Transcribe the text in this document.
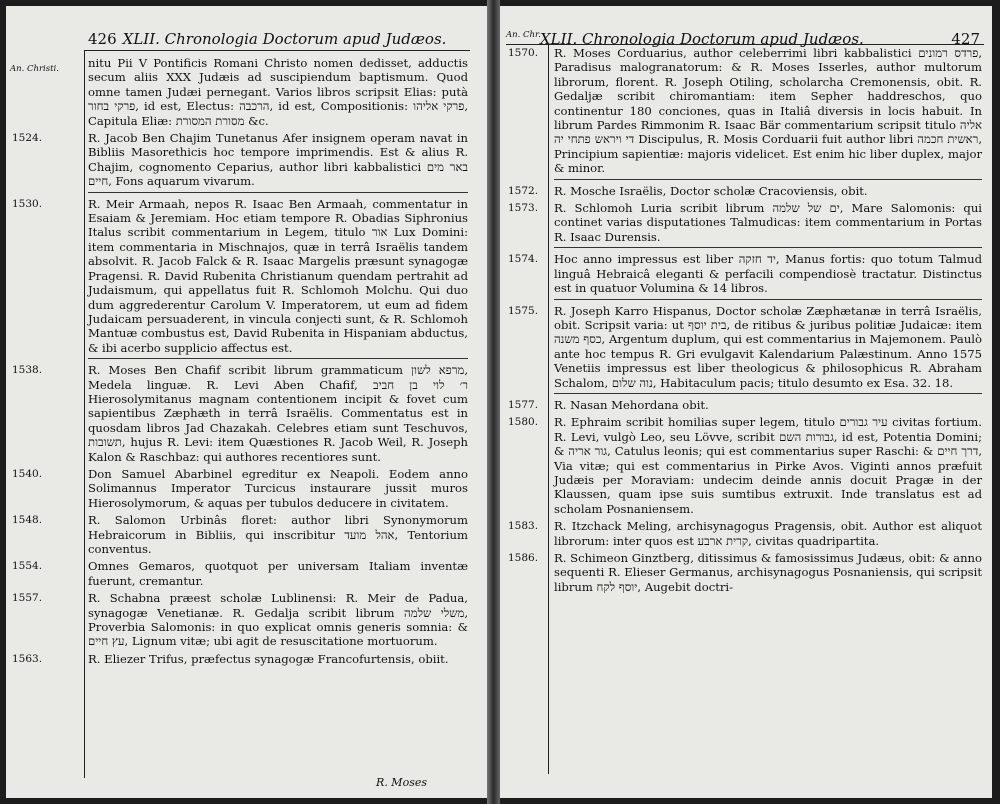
426 XLII. Chronologia Doctorum apud Judæos.
An. Christi.	nitu Pii V Pontificis Romani Christo nomen dedisset, adductis secum aliis XXX Judæis ad suscipiendum baptismum. Quod omne tamen Judæi pernegant. Varios libros scripsit Elias: putà פרקי בחור, id est, Electus: הרכבה, id est, Compositionis: פרקי אליהו, Capitula Eliæ: מסורת המסורת &c.
1524.	R. Jacob Ben Chajim Tunetanus Afer insignem operam navat in Bibliis Masorethicis hoc tempore imprimendis. Est & alius R. Chajim, cognomento Ceparius, author libri kabbalistici באר מים חיים, Fons aquarum vivarum.
1530.	R. Meir Armaah, nepos R. Isaac Ben Armaah, commentatur in Esaiam & Jeremiam. Hoc etiam tempore R. Obadias Siphronius Italus scribit commentarium in Legem, titulo אור Lux Domini: item commentaria in Mischnajos, quæ in terrâ Israëlis tandem absolvit. R. Jacob Falck & R. Isaac Margelis præsunt synagogæ Pragensi. R. David Rubenita Christianum quendam pertrahit ad Judaismum, qui appellatus fuit R. Schlomoh Molchu. Qui duo dum aggrederentur Carolum V. Imperatorem, ut eum ad fidem Judaicam persuaderent, in vincula conjecti sunt, & R. Schlomoh Mantuæ combustus est, David Rubenita in Hispaniam abductus, & ibi acerbo supplicio affectus est.
1538.	R. Moses Ben Chafif scribit librum grammaticum מרפא לשון, Medela linguæ. R. Levi Aben Chafif, ר׳ לוי בן חביב Hierosolymitanus magnam contentionem incipit & fovet cum sapientibus Zæphæth in terrâ Israëlis. Commentatus est in quosdam libros Jad Chazakah. Celebres etiam sunt Teschuvos, תשובות, hujus R. Levi: item Quæstiones R. Jacob Weil, R. Joseph Kalon & Raschbaz: qui authores recentiores sunt.
1540.	Don Samuel Abarbinel egreditur ex Neapoli. Eodem anno Solimannus Imperator Turcicus instaurare jussit muros Hierosolymorum, & aquas per tubulos deducere in civitatem.
1548.	R. Salomon Urbinâs floret: author libri Synonymorum Hebraicorum in Bibliis, qui inscribitur אהל מועד, Tentorium conventus.
1554.	Omnes Gemaros, quotquot per universam Italiam inventæ fuerunt, cremantur.
1557.	R. Schabna præest scholæ Lublinensi: R. Meir de Padua, synagogæ Venetianæ. R. Gedalja scribit librum משלי שלמה, Proverbia Salomonis: in quo explicat omnis generis somnia: & עץ חיים, Lignum vitæ; ubi agit de resuscitatione mortuorum.
1563.	R. Eliezer Trifus, præfectus synagogæ Francofurtensis, obiit.
R. Moses
XLII. Chronologia Doctorum apud Judæos.	427
An. Chr.
1570.	R. Moses Corduarius, author celeberrimi libri kabbalistici פרדס רמונים, Paradisus malogranatorum: & R. Moses Isserles, author multorum librorum, florent. R. Joseph Otiling, scholarcha Cremonensis, obit. R. Gedaljæ scribit chiromantiam: item Sepher haddreschos, quo continentur 180 conciones, quas in Italiâ diversis in locis habuit. In librum Pardes Rimmonim R. Isaac Bär commentarium scripsit titulo אליה די ויראש פתחי יה Discipulus, R. Mosis Corduarii fuit author libri ראשית חכמה, Principium sapientiæ: majoris videlicet. Est enim hic liber duplex, major & minor.
1572.	R. Mosche Israëlis, Doctor scholæ Cracoviensis, obit.
1573.	R. Schlomoh Luria scribit librum ים של שלמה, Mare Salomonis: qui continet varias disputationes Talmudicas: item commentarium in Portas R. Isaac Durensis.
1574.	Hoc anno impressus est liber יד חזקה, Manus fortis: quo totum Talmud linguâ Hebraicâ eleganti & perfacili compendiosè tractatur. Distinctus est in quatuor Volumina & 14 libros.
1575.	R. Joseph Karro Hispanus, Doctor scholæ Zæphætanæ in terrâ Israëlis, obit. Scripsit varia: ut בית יוסף, de ritibus & juribus politiæ Judaicæ: item כסף משנה, Argentum duplum, qui est commentarius in Majemonem. Paulò ante hoc tempus R. Gri evulgavit Kalendarium Palæstinum. Anno 1575 Venetiis impressus est liber theologicus & philosophicus R. Abraham Schalom, נוה שלום, Habitaculum pacis; titulo desumto ex Esa. 32. 18.
1577.	R. Nasan Mehordana obit.
1580.	R. Ephraim scribit homilias super legem, titulo עיר גבורים civitas fortium. R. Levi, vulgò Leo, seu Lövve, scribit גבורות השם, id est, Potentia Domini; & גור אריה, Catulus leonis; qui est commentarius super Raschi: & דרך חיים, Via vitæ; qui est commentarius in Pirke Avos. Viginti annos præfuit Judæis per Moraviam: undecim deinde annis docuit Pragæ in der Klaussen, quam ipse suis sumtibus extruxit. Inde translatus est ad scholam Posnaniensem.
1583.	R. Itzchack Meling, archisynagogus Pragensis, obit. Author est aliquot librorum: inter quos est קרית ארבע, civitas quadripartita.
1586.	R. Schimeon Ginztberg, ditissimus & famosissimus Judæus, obit: & anno sequenti R. Elieser Germanus, archisynagogus Posnaniensis, qui scripsit librum יוסף לקח, Augebit doctri-
